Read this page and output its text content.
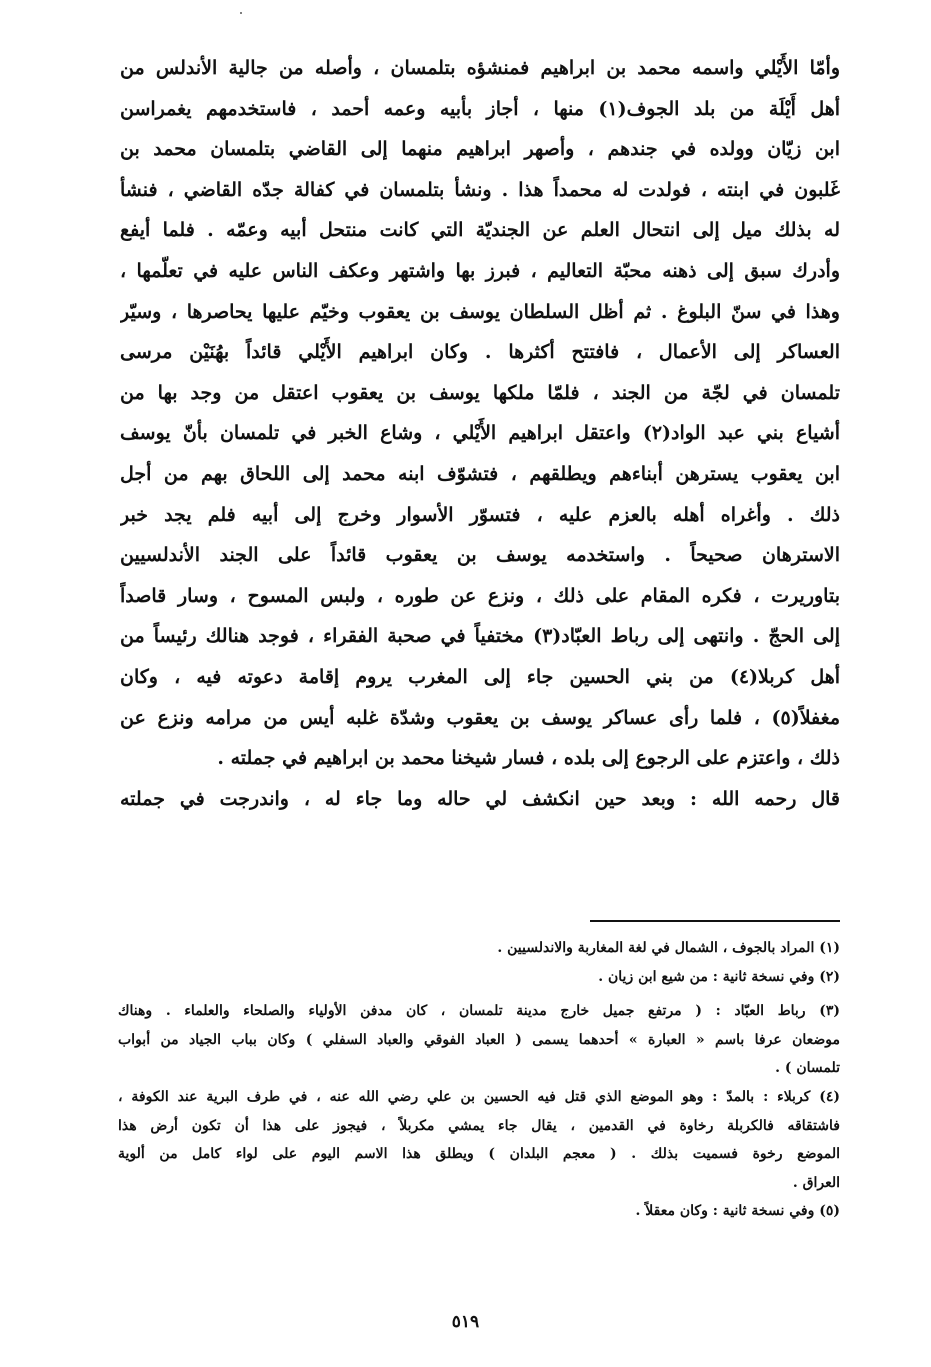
وأمّا الأَيْلي واسمه محمد بن ابراهيم فمنشؤه بتلمسان ، وأصله من جالية الأندلس من
أهل أَيْلَة من بلد الجوف(١) منها ، أجاز بأبيه وعمه أحمد ، فاستخدمهم يغمراسن
ابن زيّان وولده في جندهم ، وأصهر ابراهيم منهما إلى القاضي بتلمسان محمد بن
غَلبون في ابنته ، فولدت له محمداً هذا . ونشأ بتلمسان في كفالة جدّه القاضي ، فنشأ
له بذلك ميل إلى انتحال العلم عن الجنديّة التي كانت منتحل أبيه وعمّه . فلما أيفع
وأدرك سبق إلى ذهنه محبّة التعاليم ، فبرز بها واشتهر وعكف الناس عليه في تعلّمها ،
وهذا في سنّ البلوغ . ثم أظل السلطان يوسف بن يعقوب وخيّم عليها يحاصرها ، وسيّر
العساكر إلى الأعمال ، فافتتح أكثرها . وكان ابراهيم الأَيْلي قائداً بهُنَيْن مرسى
تلمسان في لجّة من الجند ، فلمّا ملكها يوسف بن يعقوب اعتقل من وجد بها من
أشياع بني عبد الواد(٢) واعتقل ابراهيم الأَيْلي ، وشاع الخبر في تلمسان بأنّ يوسف
ابن يعقوب يسترهن أبناءهم ويطلقهم ، فتشوّف ابنه محمد إلى اللحاق بهم من أجل
ذلك . وأغراه أهله بالعزم عليه ، فتسوّر الأسوار وخرج إلى أبيه فلم يجد خبر
الاسترهان صحيحاً . واستخدمه يوسف بن يعقوب قائداً على الجند الأندلسيين
بتاوريرت ، فكره المقام على ذلك ، ونزع عن طوره ، ولبس المسوح ، وسار قاصداً
إلى الحجّ . وانتهى إلى رباط العبّاد(٣) مختفياً في صحبة الفقراء ، فوجد هنالك رئيساً من
أهل كربلا(٤) من بني الحسين جاء إلى المغرب يروم إقامة دعوته فيه ، وكان
مغفلاً(٥) ، فلما رأى عساكر يوسف بن يعقوب وشدّة غلبه أيس من مرامه ونزع عن
ذلك ، واعتزم على الرجوع إلى بلده ، فسار شيخنا محمد بن ابراهيم في جملته .
قال رحمه الله : وبعد حين انكشف لي حاله وما جاء له ، واندرجت في جملته
(١) المراد بالجوف ، الشمال في لغة المغاربة والاندلسيين .
(٢) وفي نسخة ثانية : من شيع ابن زيان .
(٣) رباط العبّاد : ( مرتفع جميل خارج مدينة تلمسان ، كان مدفن الأولياء والصلحاء والعلماء . وهناك
موضعان عرفا باسم « العبارة » أحدهما يسمى ( العباد الفوقي والعباد السفلي ) وكان بباب الجياد من أبواب
تلمسان ) .
(٤) كربلاء : بالمدّ : وهو الموضع الذي قتل فيه الحسين بن علي رضي الله عنه ، في طرف البرية عند الكوفة ،
فاشتقاقه فالكربلة رخاوة في القدمين ، يقال جاء يمشي مكربلاً ، فيجوز على هذا أن تكون أرض هذا
الموضع رخوة فسميت بذلك . ( معجم البلدان ) ويطلق هذا الاسم اليوم على لواء كامل من ألوية
العراق .
(٥) وفي نسخة ثانية : وكان معقلاً .
٥١٩
